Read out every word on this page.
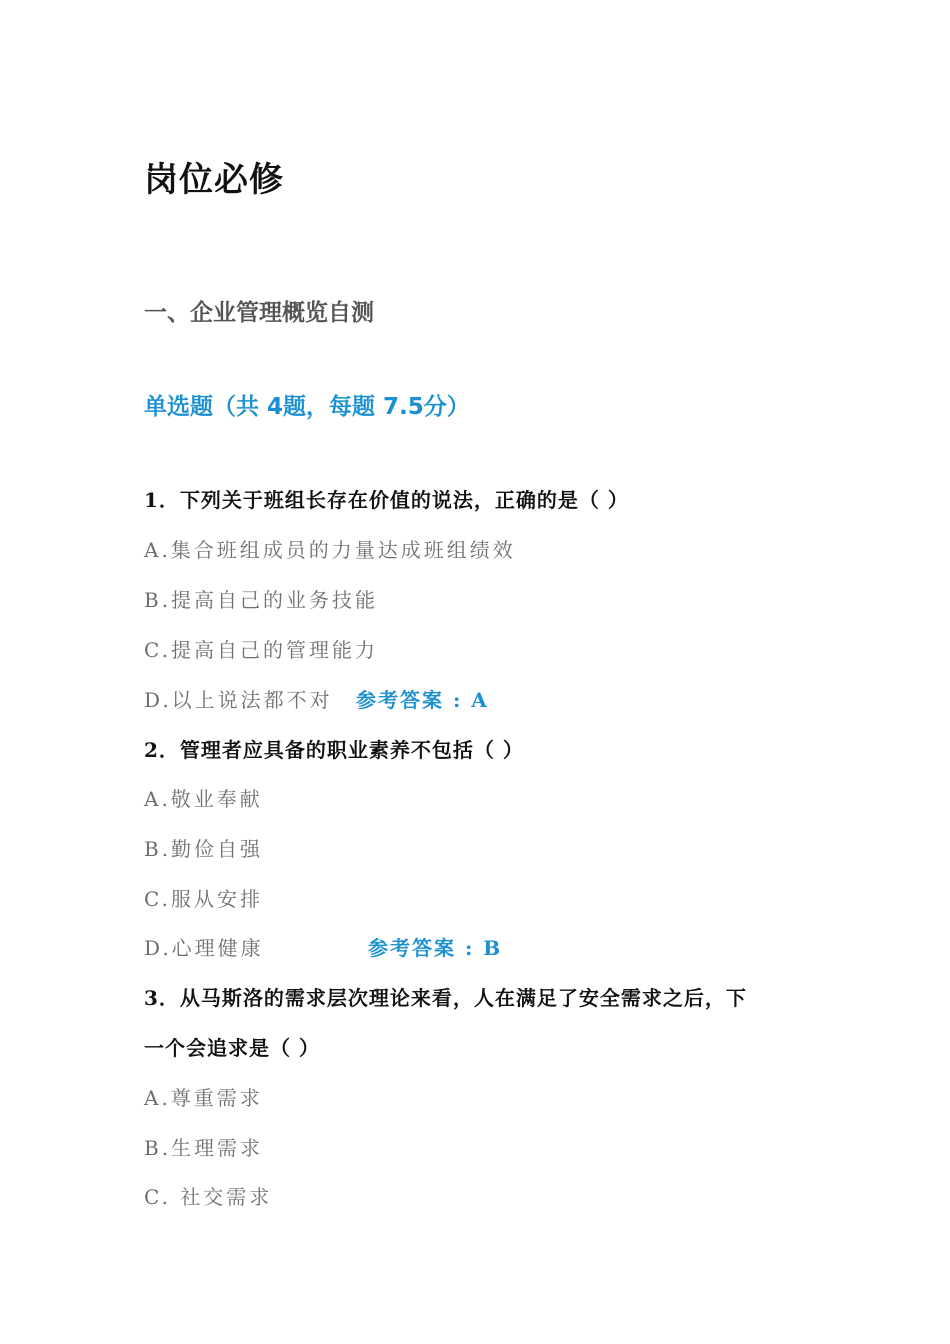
岗位必修
一、企业管理概览自测
单选题（共 4题，每题 7.5分）
1．下列关于班组长存在价值的说法，正确的是（ ）
A.集合班组成员的力量达成班组绩效
B.提高自己的业务技能
C.提高自己的管理能力
D.以上说法都不对 参考答案 : A
2．管理者应具备的职业素养不包括（ ）
A.敬业奉献
B.勤俭自强
C.服从安排
D.心理健康	参考答案 : B
3．从马斯洛的需求层次理论来看，人在满足了安全需求之后，下
一个会追求是（ ）
A.尊重需求
B.生理需求
C. 社交需求
